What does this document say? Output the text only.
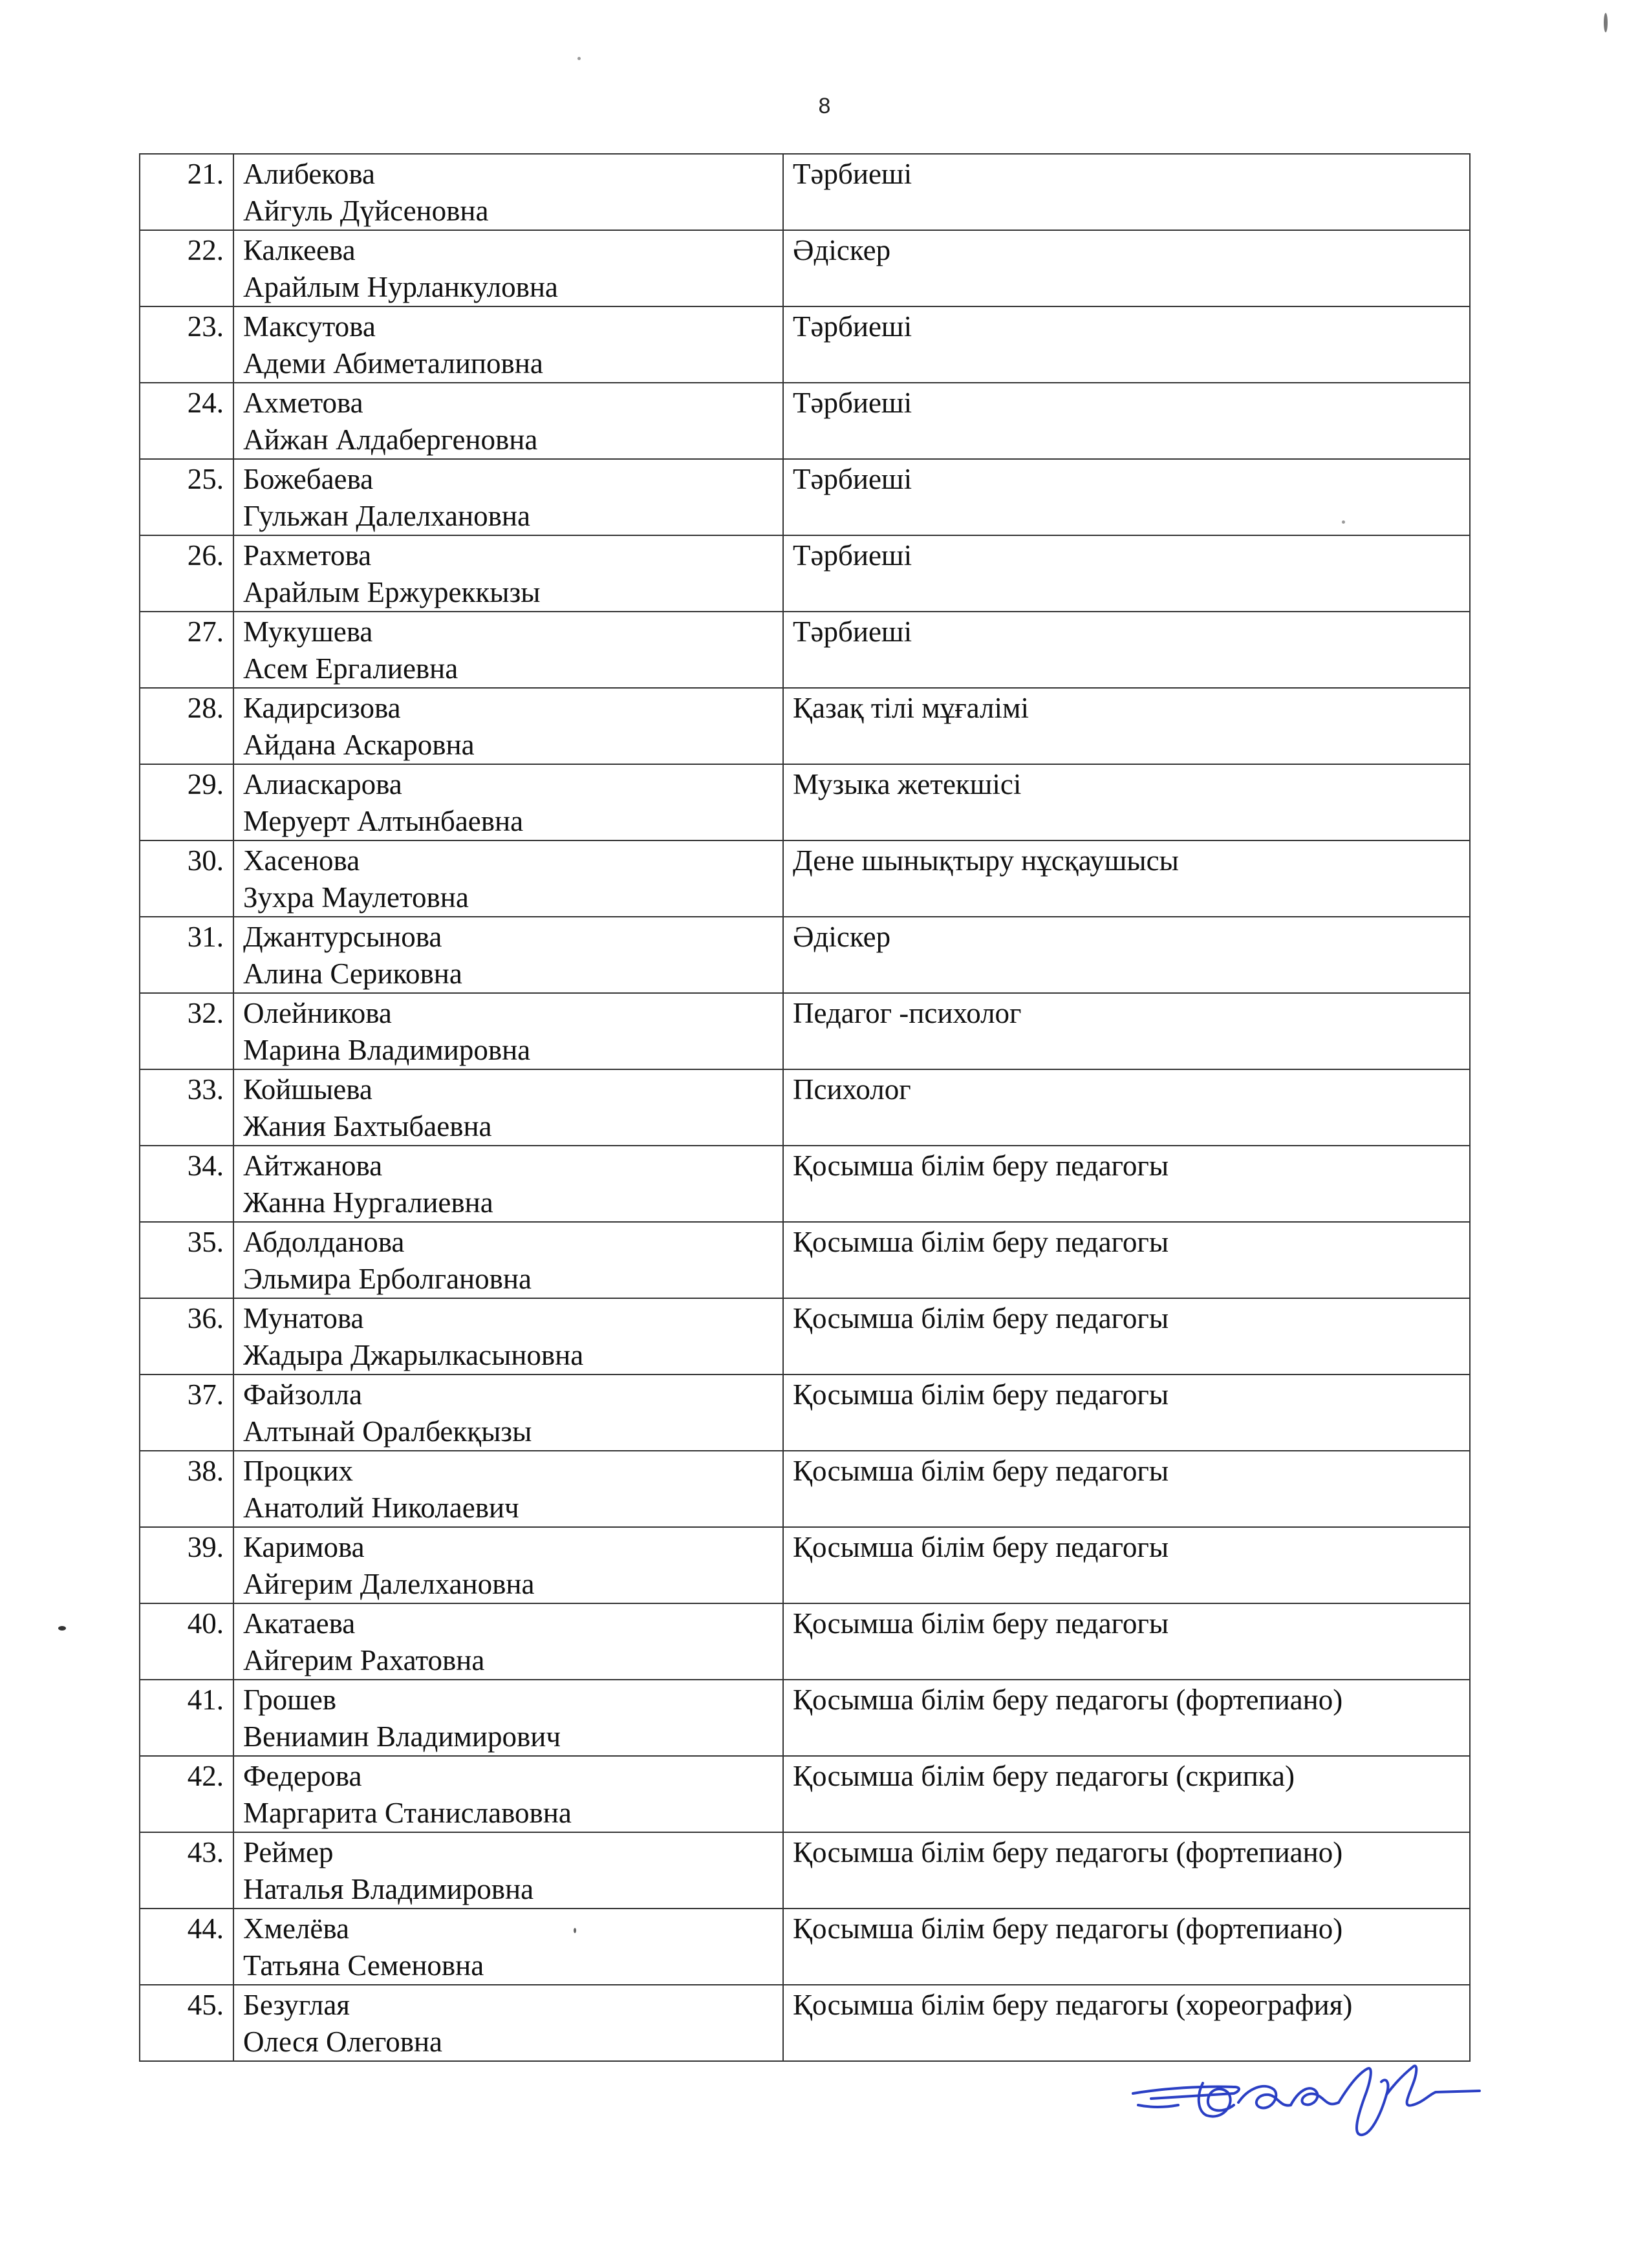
8
21.	Алибекова
Айгуль Дүйсеновна	Тәрбиеші
22.	Калкеева
Арайлым Нурланкуловна	Әдіскер
23.	Максутова
Адеми Абиметалиповна	Тәрбиеші
24.	Ахметова
Айжан Алдабергеновна	Тәрбиеші
25.	Божебаева
Гульжан Далелхановна	Тәрбиеші
26.	Рахметова
Арайлым Ержуреккызы	Тәрбиеші
27.	Мукушева
Асем Ергалиевна	Тәрбиеші
28.	Кадирсизова
Айдана Аскаровна	Қазақ тілі мұғалімі
29.	Алиаскарова
Меруерт Алтынбаевна	Музыка жетекшісі
30.	Хасенова
Зухра Маулетовна	Дене шынықтыру нұсқаушысы
31.	Джантурсынова
Алина Сериковна	Әдіскер
32.	Олейникова
Марина Владимировна	Педагог -психолог
33.	Койшыева
Жания Бахтыбаевна	Психолог
34.	Айтжанова
Жанна Нургалиевна	Қосымша білім беру педагогы
35.	Абдолданова
Эльмира Ерболгановна	Қосымша білім беру педагогы
36.	Мунатова
Жадыра Джарылкасыновна	Қосымша білім беру педагогы
37.	Файзолла
Алтынай Оралбекқызы	Қосымша білім беру педагогы
38.	Процких
Анатолий Николаевич	Қосымша білім беру педагогы
39.	Каримова
Айгерим Далелхановна	Қосымша білім беру педагогы
40.	Акатаева
Айгерим Рахатовна	Қосымша білім беру педагогы
41.	Грошев
Вениамин Владимирович	Қосымша білім беру педагогы (фортепиано)
42.	Федерова
Маргарита Станиславовна	Қосымша білім беру педагогы (скрипка)
43.	Реймер
Наталья Владимировна	Қосымша білім беру педагогы (фортепиано)
44.	Хмелёва
Татьяна Семеновна	Қосымша білім беру педагогы (фортепиано)
45.	Безуглая
Олеся Олеговна	Қосымша білім беру педагогы (хореография)
